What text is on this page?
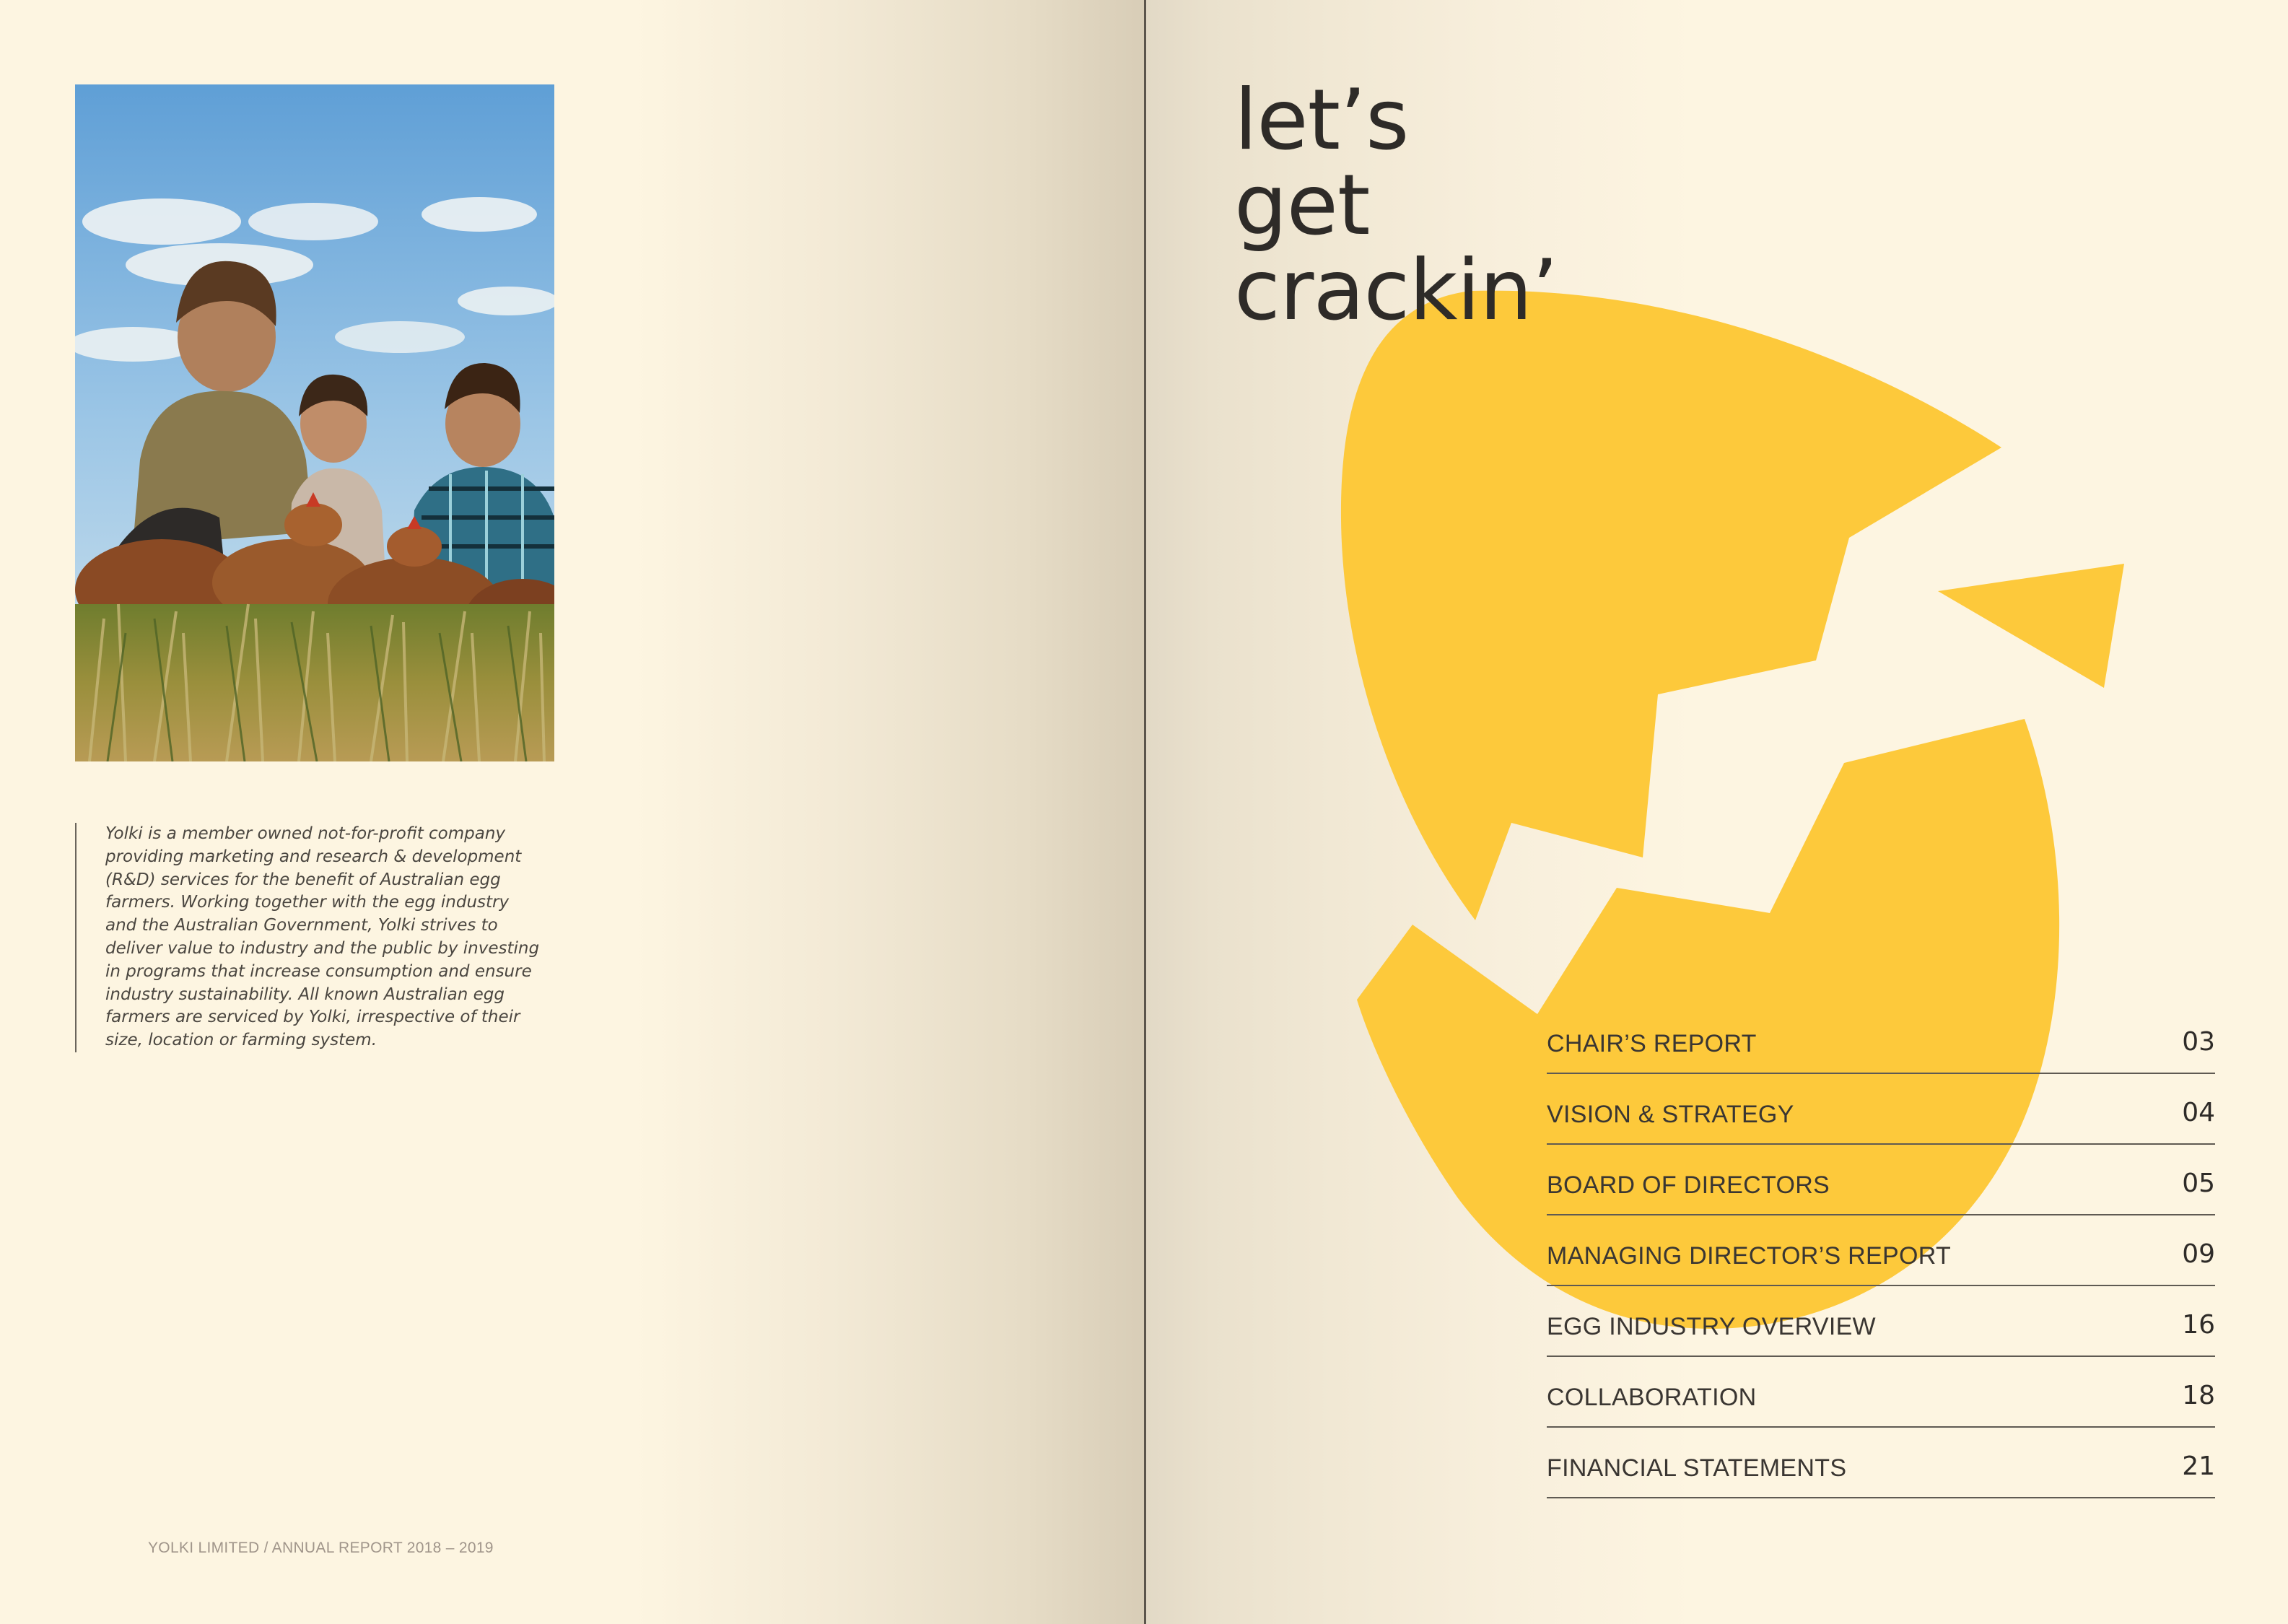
Yolki is a member owned not-for-profit company
providing marketing and research & development
(R&D) services for the benefit of Australian egg
farmers. Working together with the egg industry
and the Australian Government, Yolki strives to
deliver value to industry and the public by investing
in programs that increase consumption and ensure
industry sustainability. All known Australian egg
farmers are serviced by Yolki, irrespective of their
size, location or farming system.
YOLKI LIMITED / ANNUAL REPORT 2018 – 2019
let’s
get
crackin’
CHAIR’S REPORT	03
VISION & STRATEGY	04
BOARD OF DIRECTORS	05
MANAGING DIRECTOR’S REPORT	09
EGG INDUSTRY OVERVIEW	16
COLLABORATION	18
FINANCIAL STATEMENTS	21
